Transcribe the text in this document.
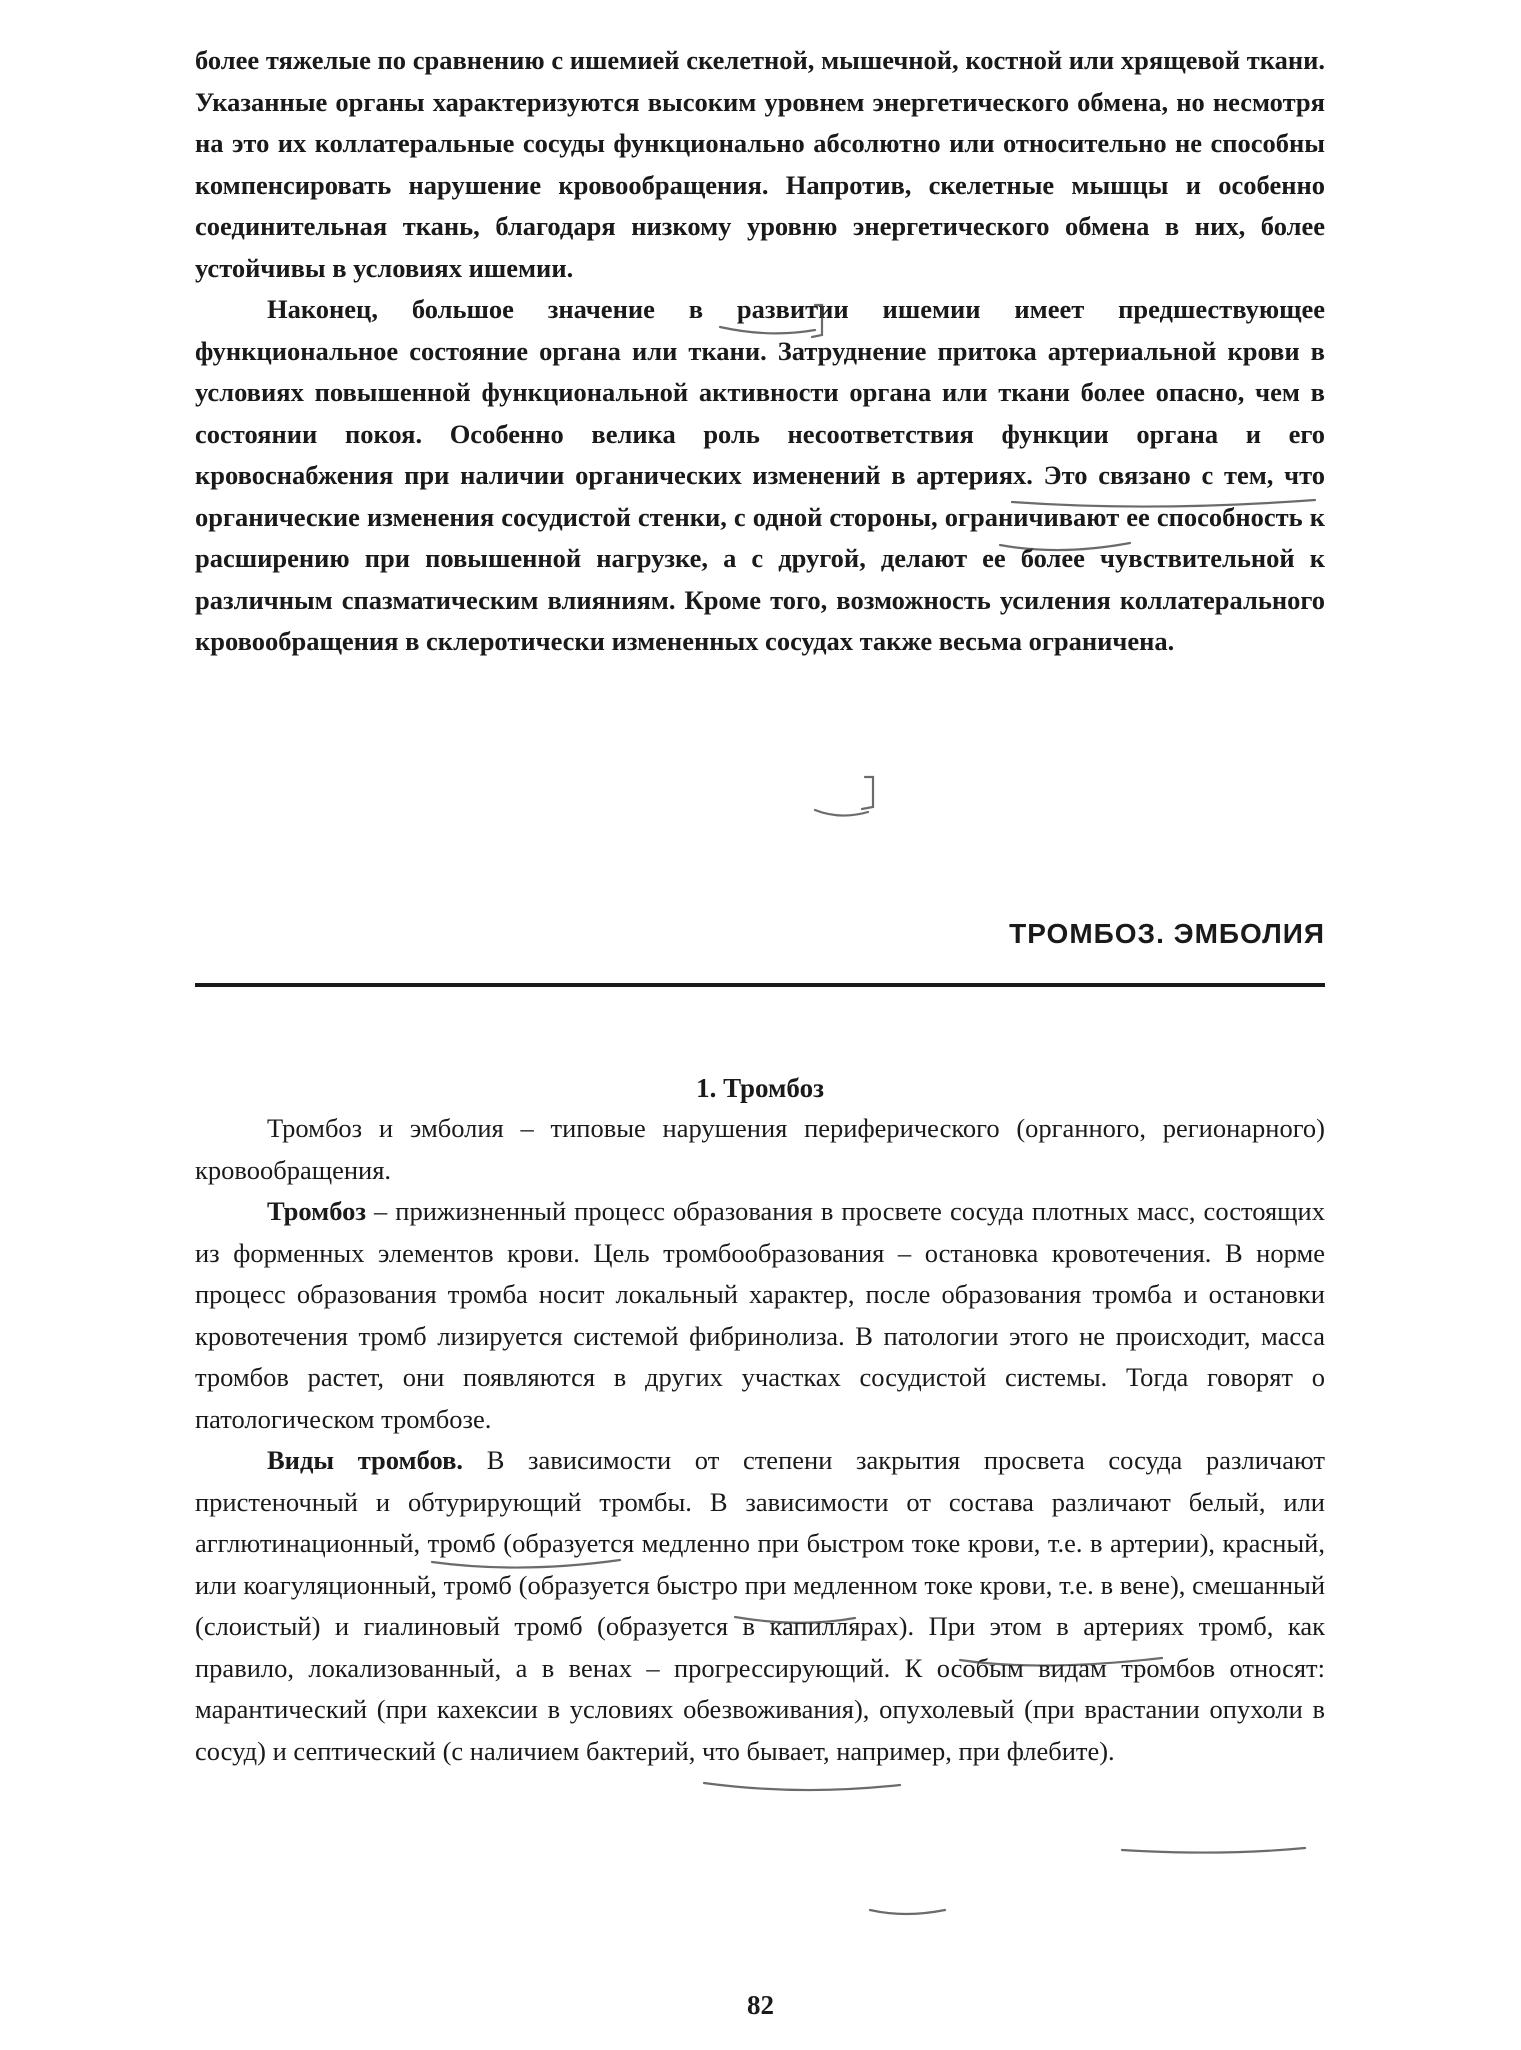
более тяжелые по сравнению с ишемией скелетной, мышечной, костной или хрящевой ткани. Указанные органы характеризуются высоким уровнем энергетического обмена, но несмотря на это их коллатеральные сосуды функционально абсолютно или относительно не способны компенсировать нарушение кровообращения. Напротив, скелетные мышцы и особенно соединительная ткань, благодаря низкому уровню энергетического обмена в них, более устойчивы в условиях ишемии.

Наконец, большое значение в развитии ишемии имеет предшествующее функциональное состояние органа или ткани. Затруднение притока артериальной крови в условиях повышенной функциональной активности органа или ткани более опасно, чем в состоянии покоя. Особенно велика роль несоответствия функции органа и его кровоснабжения при наличии органических изменений в артериях. Это связано с тем, что органические изменения сосудистой стенки, с одной стороны, ограничивают ее способность к расширению при повышенной нагрузке, а с другой, делают ее более чувствительной к различным спазматическим влияниям. Кроме того, возможность усиления коллатерального кровообращения в склеротически измененных сосудах также весьма ограничена.

ТРОМБОЗ. ЭМБОЛИЯ

1. Тромбоз

Тромбоз и эмболия – типовые нарушения периферического (органного, регионарного) кровообращения.

Тромбоз – прижизненный процесс образования в просвете сосуда плотных масс, состоящих из форменных элементов крови. Цель тромбообразования – остановка кровотечения. В норме процесс образования тромба носит локальный характер, после образования тромба и остановки кровотечения тромб лизируется системой фибринолиза. В патологии этого не происходит, масса тромбов растет, они появляются в других участках сосудистой системы. Тогда говорят о патологическом тромбозе.

Виды тромбов. В зависимости от степени закрытия просвета сосуда различают пристеночный и обтурирующий тромбы. В зависимости от состава различают белый, или агглютинационный, тромб (образуется медленно при быстром токе крови, т.е. в артерии), красный, или коагуляционный, тромб (образуется быстро при медленном токе крови, т.е. в вене), смешанный (слоистый) и гиалиновый тромб (образуется в капиллярах). При этом в артериях тромб, как правило, локализованный, а в венах – прогрессирующий. К особым видам тромбов относят: марантический (при кахексии в условиях обезвоживания), опухолевый (при врастании опухоли в сосуд) и септический (с наличием бактерий, что бывает, например, при флебите).

82
